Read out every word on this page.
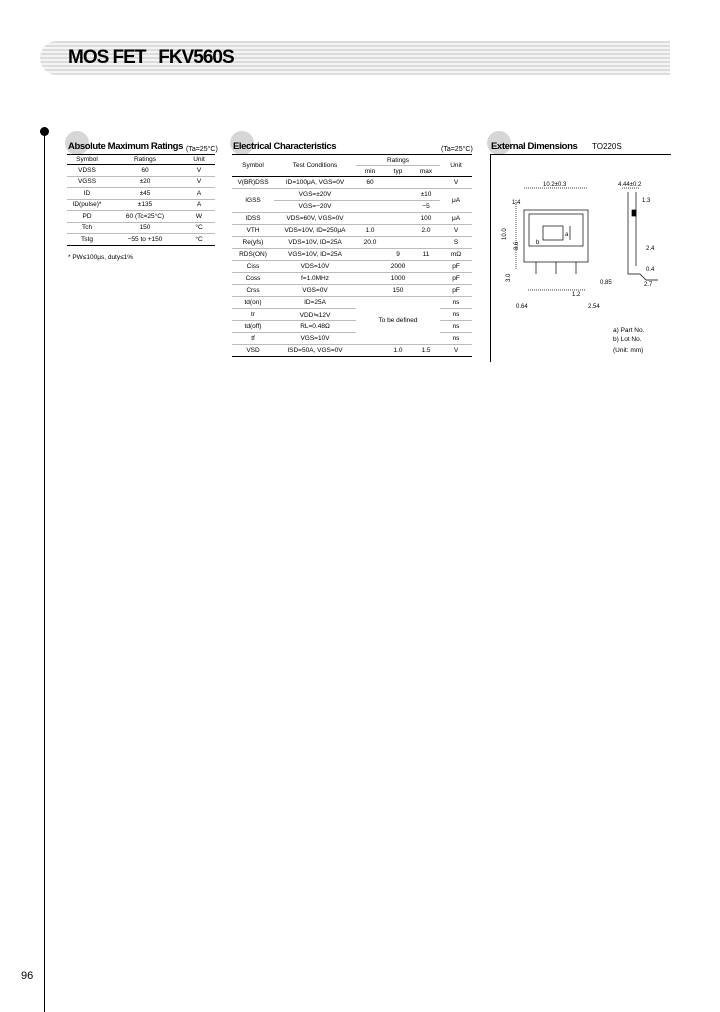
MOS FET   FKV560S
Absolute Maximum Ratings (Ta=25°C)
Symbol	Ratings	Unit
VDSS	60	V
VGSS	±20	V
ID	±45	A
ID(pulse)*	±135	A
PD	60 (Tc=25°C)	W
Tch	150	°C
Tstg	−55 to +150	°C
* PW≤100μs, duty≤1%
Electrical Characteristics	(Ta=25°C)
Symbol	Test Conditions	Ratings			Unit
		min	typ	max	
V(BR)DSS	ID=100μA, VGS=0V	60			V
IGSS	VGS=±20V			±10	μA
	VGS=−20V			−5	
IDSS	VDS=60V, VGS=0V			100	μA
VTH	VDS=10V, ID=250μA	1.0		2.0	V
Re(yfs)	VDS=10V, ID=25A	20.0			S
RDS(ON)	VGS=10V, ID=25A		9	11	mΩ
Ciss	VDS=10V		2000		pF
Coss	f=1.0MHz		1000		pF
Crss	VGS=0V		150		pF
td(on)	ID=25A	To be defined			ns
tr	VDD≒12V				ns
td(off)	RL=0.48Ω				ns
tf	VGS=10V				ns
VSD	ISD=50A, VGS=0V		1.0	1.5	V
External Dimensions TO220S
10.2±0.3	4.44±0.2
1.4
10.0
8.6
3.0
1.3
0.85
0.64
1.2
2.54
2.4
2.7
0.4
a
b
a) Part No.
b) Lot No.
(Unit: mm)
96
